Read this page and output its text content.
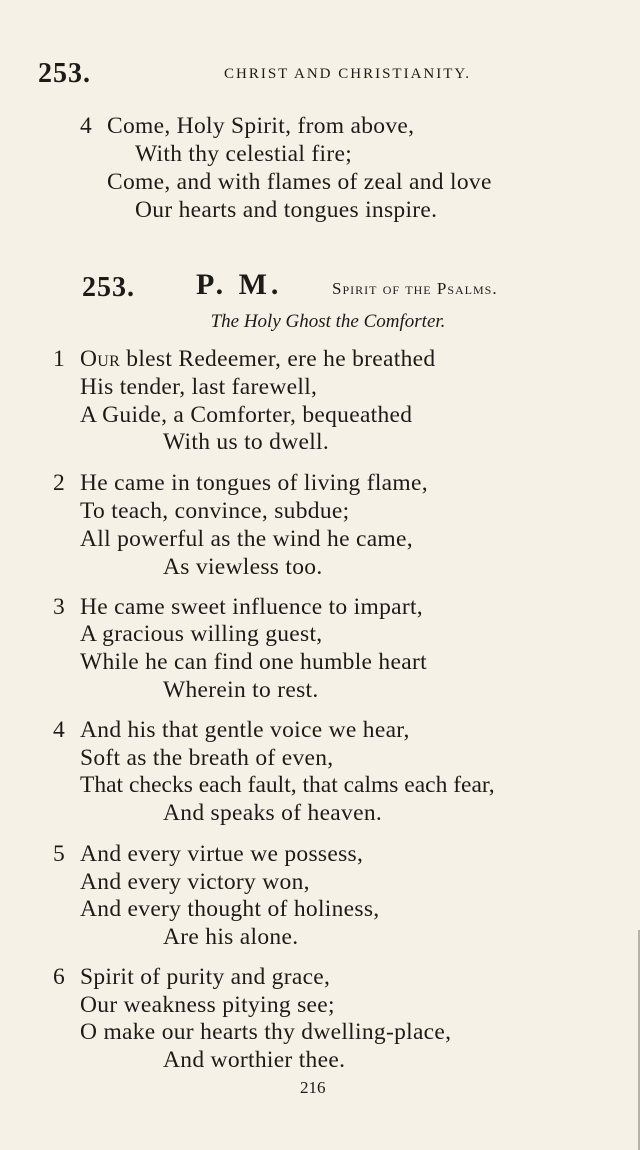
253.	CHRIST AND CHRISTIANITY.
4 Come, Holy Spirit, from above,
With thy celestial fire;
Come, and with flames of zeal and love
Our hearts and tongues inspire.
253. P. M.	Spirit of the Psalms.
The Holy Ghost the Comforter.
1 Our blest Redeemer, ere he breathed
His tender, last farewell,
A Guide, a Comforter, bequeathed
With us to dwell.
2 He came in tongues of living flame,
To teach, convince, subdue;
All powerful as the wind he came,
As viewless too.
3 He came sweet influence to impart,
A gracious willing guest,
While he can find one humble heart
Wherein to rest.
4 And his that gentle voice we hear,
Soft as the breath of even,
That checks each fault, that calms each fear,
And speaks of heaven.
5 And every virtue we possess,
And every victory won,
And every thought of holiness,
Are his alone.
6 Spirit of purity and grace,
Our weakness pitying see;
O make our hearts thy dwelling-place,
And worthier thee.
216
